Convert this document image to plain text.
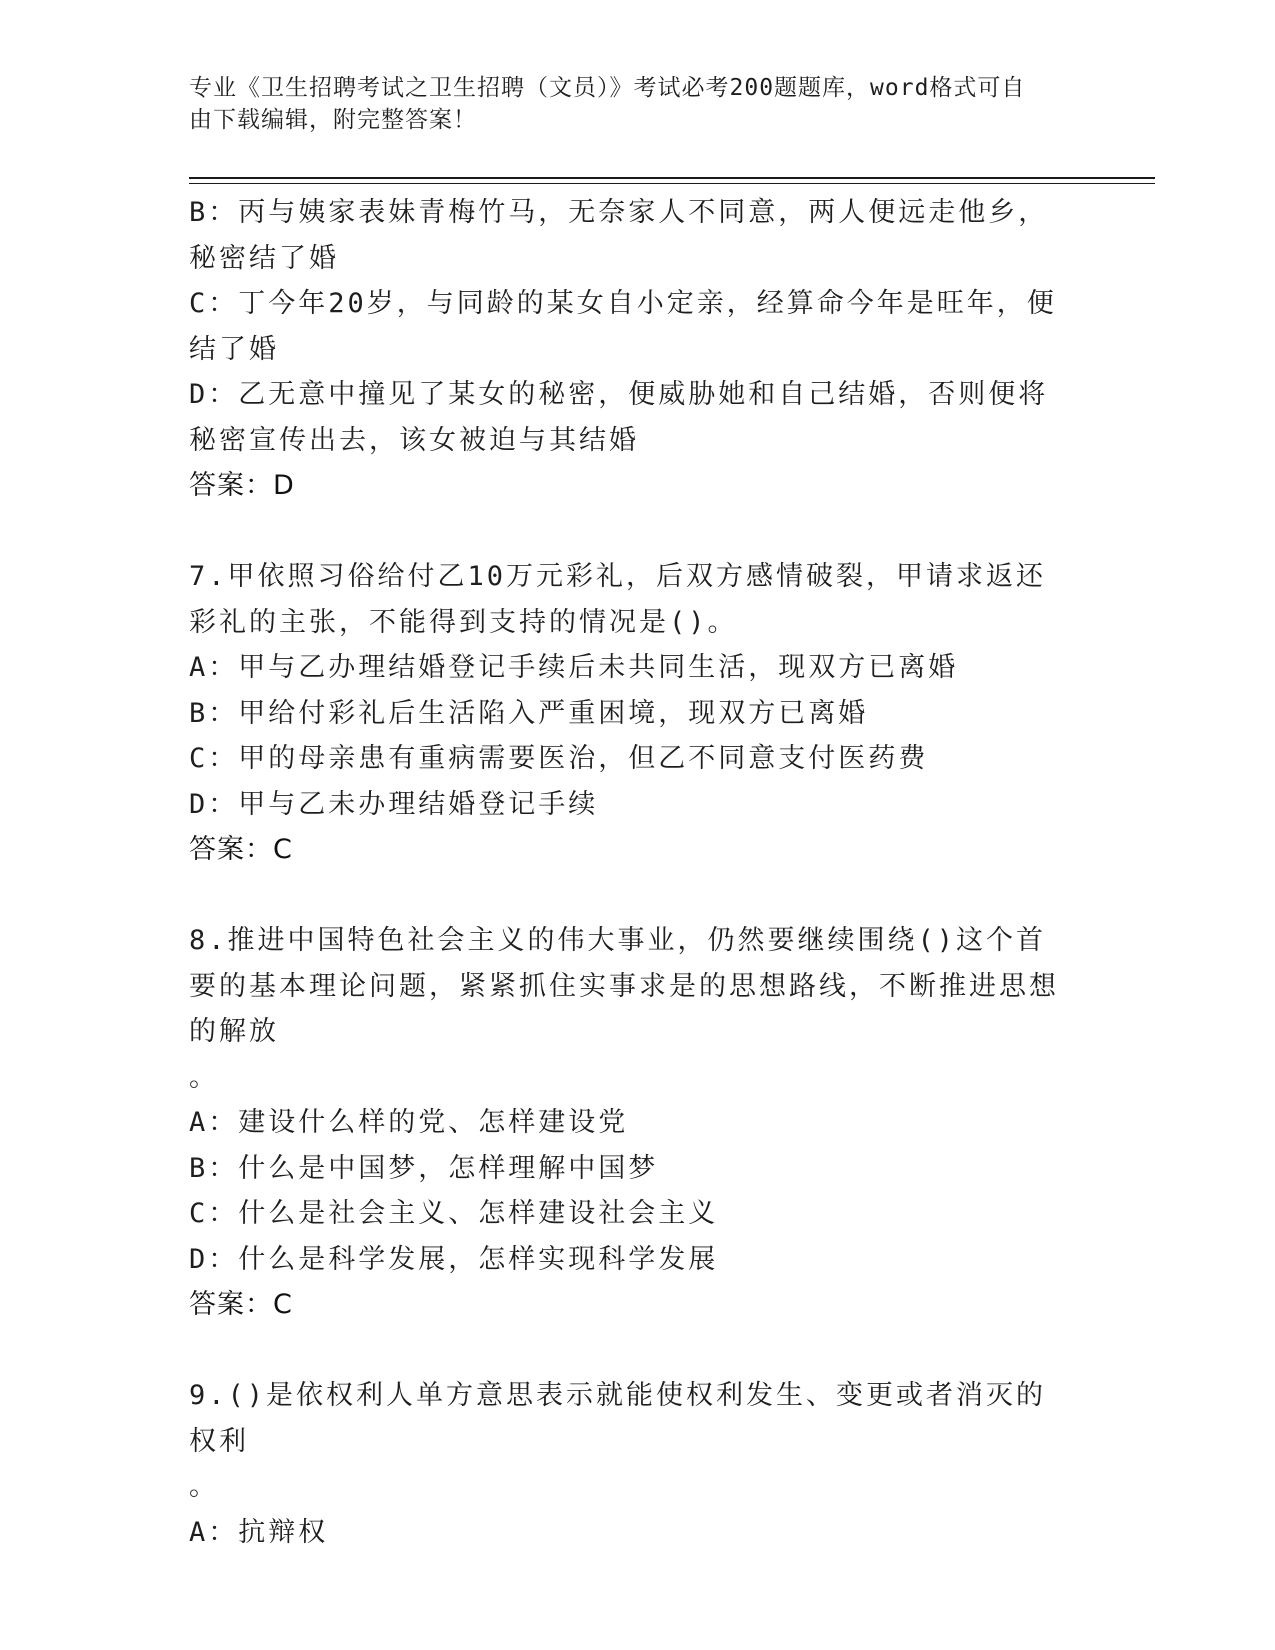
专业《卫生招聘考试之卫生招聘（文员）》考试必考200题题库，word格式可自
由下载编辑，附完整答案！
B：丙与姨家表妹青梅竹马，无奈家人不同意，两人便远走他乡，秘密结了婚
C：丁今年20岁，与同龄的某女自小定亲，经算命今年是旺年，便结了婚
D：乙无意中撞见了某女的秘密，便威胁她和自己结婚，否则便将秘密宣传出去，该女被迫与其结婚
答案：D
7.甲依照习俗给付乙10万元彩礼，后双方感情破裂，甲请求返还彩礼的主张，不能得到支持的情况是()。
A：甲与乙办理结婚登记手续后未共同生活，现双方已离婚
B：甲给付彩礼后生活陷入严重困境，现双方已离婚
C：甲的母亲患有重病需要医治，但乙不同意支付医药费
D：甲与乙未办理结婚登记手续
答案：C
8.推进中国特色社会主义的伟大事业，仍然要继续围绕()这个首要的基本理论问题，紧紧抓住实事求是的思想路线，不断推进思想的解放
。
A：建设什么样的党、怎样建设党
B：什么是中国梦，怎样理解中国梦
C：什么是社会主义、怎样建设社会主义
D：什么是科学发展，怎样实现科学发展
答案：C
9.()是依权利人单方意思表示就能使权利发生、变更或者消灭的权利
。
A：抗辩权
